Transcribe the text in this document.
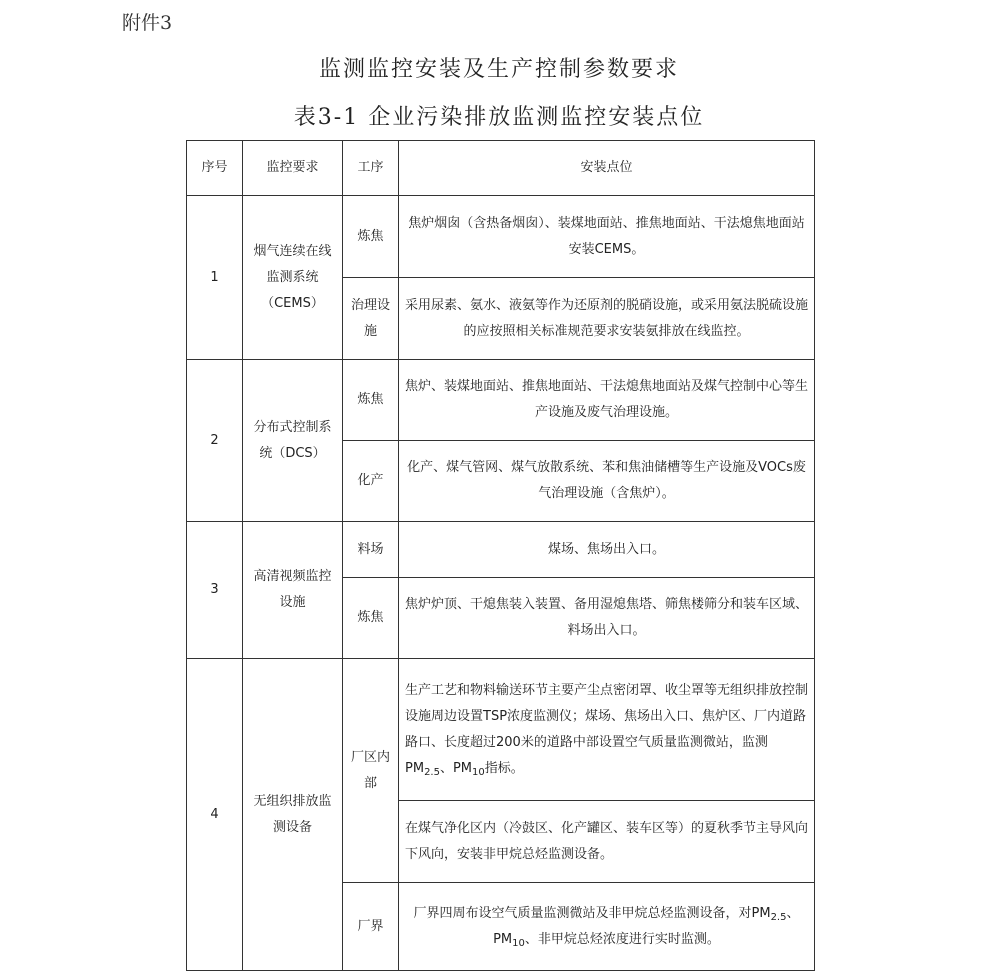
附件3
监测监控安装及生产控制参数要求
表3-1 企业污染排放监测监控安装点位
序号	监控要求	工序	安装点位
1	烟气连续在线监测系统（CEMS）	炼焦	焦炉烟囱（含热备烟囱）、装煤地面站、推焦地面站、干法熄焦地面站安装CEMS。
		治理设施	采用尿素、氨水、液氨等作为还原剂的脱硝设施，或采用氨法脱硫设施的应按照相关标准规范要求安装氨排放在线监控。
2	分布式控制系统（DCS）	炼焦	焦炉、装煤地面站、推焦地面站、干法熄焦地面站及煤气控制中心等生产设施及废气治理设施。
		化产	化产、煤气管网、煤气放散系统、苯和焦油储槽等生产设施及VOCs废气治理设施（含焦炉）。
3	高清视频监控设施	料场	煤场、焦场出入口。
		炼焦	焦炉炉顶、干熄焦装入装置、备用湿熄焦塔、筛焦楼筛分和装车区域、料场出入口。
4	无组织排放监测设备	厂区内部	生产工艺和物料输送环节主要产尘点密闭罩、收尘罩等无组织排放控制设施周边设置TSP浓度监测仪；煤场、焦场出入口、焦炉区、厂内道路路口、长度超过200米的道路中部设置空气质量监测微站，监测$PM_{2.5}$、$PM_{10}$指标。
			在煤气净化区内（冷鼓区、化产罐区、装车区等）的夏秋季节主导风向下风向，安装非甲烷总烃监测设备。
		厂界	厂界四周布设空气质量监测微站及非甲烷总烃监测设备，对$PM_{2.5}$、$PM_{10}$、非甲烷总烃浓度进行实时监测。
